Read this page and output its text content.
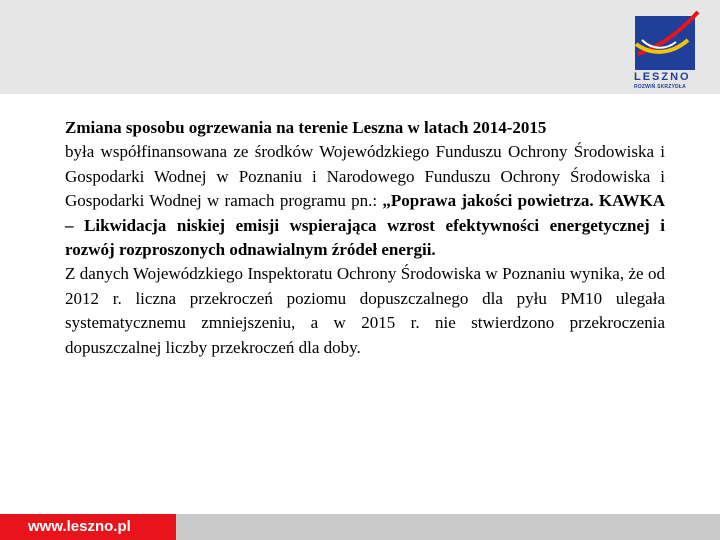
LESZNO
ROZWIŃ SKRZYDŁA

Zmiana sposobu ogrzewania na terenie Leszna w latach 2014-2015

była współfinansowana ze środków Wojewódzkiego Funduszu Ochrony Środowiska i Gospodarki Wodnej w Poznaniu i Narodowego Funduszu Ochrony Środowiska i Gospodarki Wodnej w ramach programu pn.: „Poprawa jakości powietrza. KAWKA – Likwidacja niskiej emisji wspierająca wzrost efektywności energetycznej i rozwój rozproszonych odnawialnym źródeł energii.

Z danych Wojewódzkiego Inspektoratu Ochrony Środowiska w Poznaniu wynika, że od 2012 r. liczna przekroczeń poziomu dopuszczalnego dla pyłu PM10 ulegała systematycznemu zmniejszeniu, a w 2015 r. nie stwierdzono przekroczenia dopuszczalnej liczby przekroczeń dla doby.

www.leszno.pl
